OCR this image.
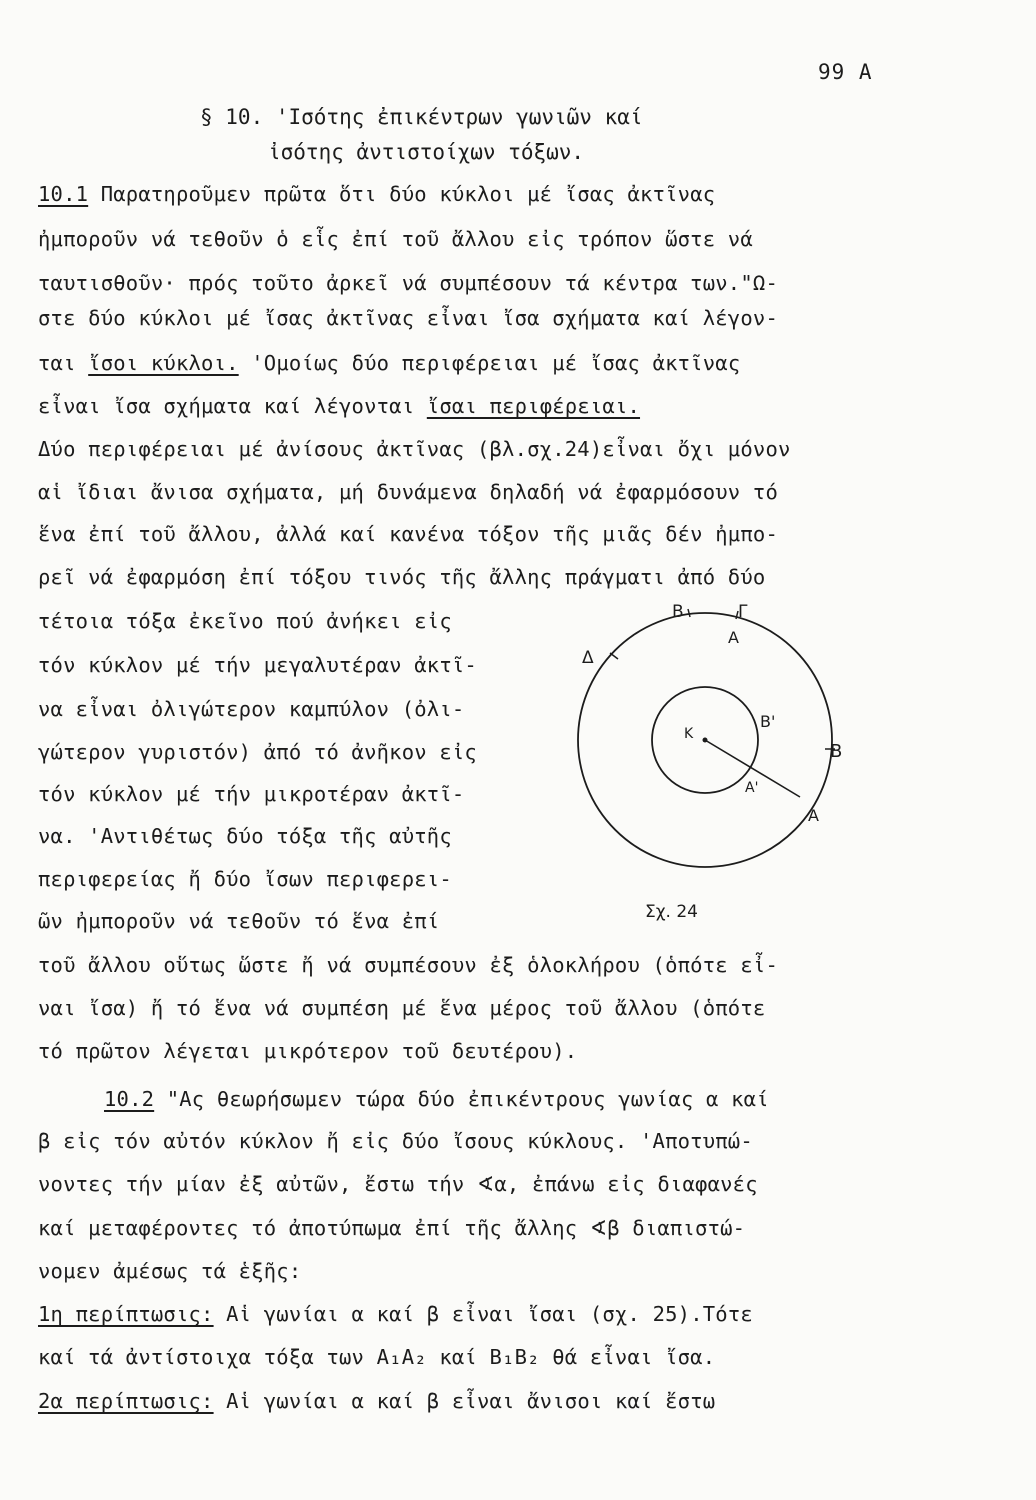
99 A
§ 10. 'Ισότης ἐπικέντρων γωνιῶν καί
ἰσότης ἀντιστοίχων τόξων.
10.1 Παρατηροῦμεν πρῶτα ὅτι δύο κύκλοι μέ ἴσας ἀκτῖνας
ἠμποροῦν νά τεθοῦν ὁ εἷς ἐπί τοῦ ἄλλου εἰς τρόπον ὥστε νά
ταυτισθοῦν· πρός τοῦτο ἀρκεῖ νά συμπέσουν τά κέντρα των."Ω-
στε δύο κύκλοι μέ ἴσας ἀκτῖνας εἶναι ἴσα σχήματα καί λέγον-
ται ἴσοι κύκλοι. 'Ομοίως δύο περιφέρειαι μέ ἴσας ἀκτῖνας
εἶναι ἴσα σχήματα καί λέγονται ἴσαι περιφέρειαι.
Δύο περιφέρειαι μέ ἀνίσους ἀκτῖνας (βλ.σχ.24)εἶναι ὄχι μόνον
αἱ ἴδιαι ἄνισα σχήματα, μή δυνάμενα δηλαδή νά ἐφαρμόσουν τό
ἕνα ἐπί τοῦ ἄλλου, ἀλλά καί κανένα τόξον τῆς μιᾶς δέν ἠμπο-
ρεῖ νά ἐφαρμόση ἐπί τόξου τινός τῆς ἄλλης πράγματι ἀπό δύο
τέτοια τόξα ἐκεῖνο πού ἀνήκει εἰς
τόν κύκλον μέ τήν μεγαλυτέραν ἀκτῖ-
να εἶναι ὀλιγώτερον καμπύλον (ὀλι-
γώτερον γυριστόν) ἀπό τό ἀνῆκον εἰς
τόν κύκλον μέ τήν μικροτέραν ἀκτῖ-
να. 'Αντιθέτως δύο τόξα τῆς αὐτῆς
περιφερείας ἤ δύο ἴσων περιφερει-
ῶν ἠμποροῦν νά τεθοῦν τό ἕνα ἐπί
τοῦ ἄλλου οὕτως ὥστε ἤ νά συμπέσουν ἐξ ὁλοκλήρου (ὁπότε εἶ-
ναι ἴσα) ἤ τό ἕνα νά συμπέση μέ ἕνα μέρος τοῦ ἄλλου (ὁπότε
τό πρῶτον λέγεται μικρότερον τοῦ δευτέρου).
10.2 "Ας θεωρήσωμεν τώρα δύο ἐπικέντρους γωνίας α καί
β εἰς τόν αὐτόν κύκλον ἤ εἰς δύο ἴσους κύκλους. 'Αποτυπώ-
νοντες τήν μίαν ἐξ αὐτῶν, ἔστω τήν ∢α, ἐπάνω εἰς διαφανές
καί μεταφέροντες τό ἀποτύπωμα ἐπί τῆς ἄλλης ∢β διαπιστώ-
νομεν ἀμέσως τά ἑξῆς:
1η περίπτωσις: Αἱ γωνίαι α καί β εἶναι ἴσαι (σχ. 25).Τότε
καί τά ἀντίστοιχα τόξα των A₁A₂ καί B₁B₂ θά εἶναι ἴσα.
2α περίπτωσις: Αἱ γωνίαι α καί β εἶναι ἄνισοι καί ἔστω
B	Γ
A
Δ
K
B'
B
A'
A
Σχ. 24
